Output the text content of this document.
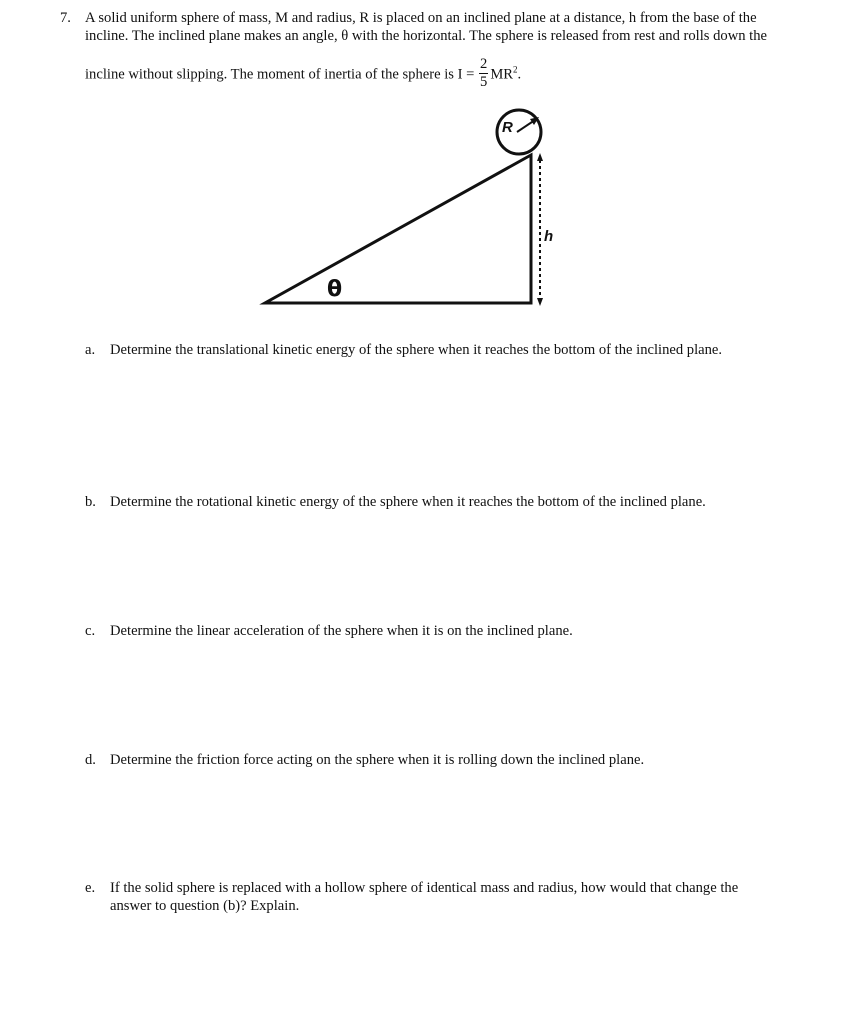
7. A solid uniform sphere of mass, M and radius, R is placed on an inclined plane at a distance, h from the base of the
incline. The inclined plane makes an angle, θ with the horizontal. The sphere is released from rest and rolls down the
incline without slipping. The moment of inertia of the sphere is $I = \frac{2}{5} MR^2$.
R
h
θ
a. Determine the translational kinetic energy of the sphere when it reaches the bottom of the inclined plane.
b. Determine the rotational kinetic energy of the sphere when it reaches the bottom of the inclined plane.
c. Determine the linear acceleration of the sphere when it is on the inclined plane.
d. Determine the friction force acting on the sphere when it is rolling down the inclined plane.
e. If the solid sphere is replaced with a hollow sphere of identical mass and radius, how would that change the
answer to question (b)? Explain.
